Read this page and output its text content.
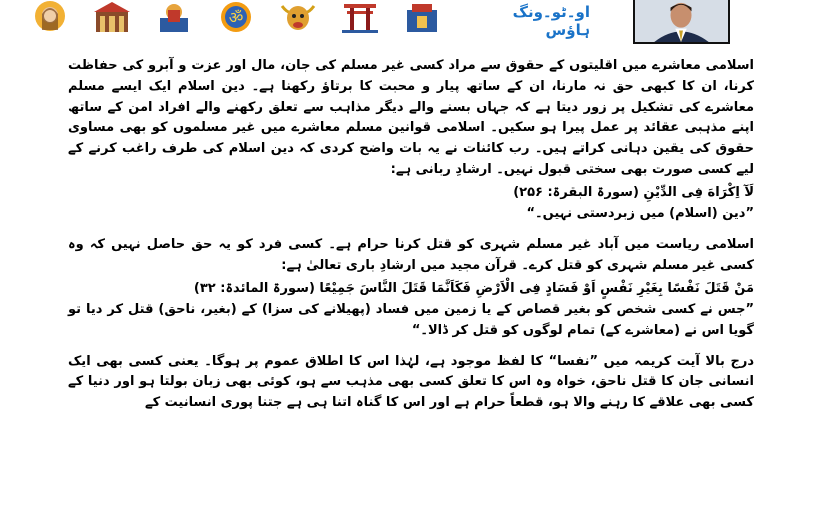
ॐ	او۔ٹو۔ونگ ہاؤس

اسلامی معاشرے میں اقلیتوں کے حقوق سے مراد کسی غیر مسلم کی جان، مال اور عزت و آبرو کی حفاظت کرنا، ان کا کبھی حق نہ مارنا، ان کے ساتھ پیار و محبت کا برتاؤ رکھنا ہے۔ دین اسلام ایک ایسے مسلم معاشرے کی تشکیل پر زور دیتا ہے کہ جہاں بسنے والے دیگر مذاہب سے تعلق رکھنے والے افراد امن کے ساتھ اپنے مذہبی عقائد پر عمل پیرا ہو سکیں۔ اسلامی قوانین مسلم معاشرے میں غیر مسلموں کو بھی مساوی حقوق کی یقین دہانی کراتے ہیں۔ رب کائنات نے یہ بات واضح کردی کہ دین اسلام کی طرف راغب کرنے کے لیے کسی صورت بھی سختی قبول نہیں۔ ارشادِ ربانی ہے:

لَآ اِكْرَاهَ فِى الدِّيْنِ (سورۃ البقرۃ: ۲۵۶)

”دین (اسلام) میں زبردستی نہیں۔“

اسلامی ریاست میں آباد غیر مسلم شہری کو قتل کرنا حرام ہے۔ کسی فرد کو یہ حق حاصل نہیں کہ وہ کسی غیر مسلم شہری کو قتل کرے۔ قرآن مجید میں ارشادِ باری تعالیٰ ہے:

مَنْ قَتَلَ نَفْسًا بِغَيْرِ نَفْسٍ اَوْ فَسَادٍ فِى الْاَرْضِ فَكَاَنَّمَا قَتَلَ النَّاسَ جَمِيْعًا (سورۃ المائدۃ: ۳۲)

”جس نے کسی شخص کو بغیر قصاص کے یا زمین میں فساد (پھیلانے کی سزا) کے (بغیر، ناحق) قتل کر دیا تو گویا اس نے (معاشرے کے) تمام لوگوں کو قتل کر ڈالا۔“

درج بالا آیت کریمہ میں ”نفسا“ کا لفظ موجود ہے، لہٰذا اس کا اطلاق عموم پر ہوگا۔ یعنی کسی بھی ایک انسانی جان کا قتل ناحق، خواہ وہ اس کا تعلق کسی بھی مذہب سے ہو، کوئی بھی زبان بولتا ہو اور دنیا کے کسی بھی علاقے کا رہنے والا ہو، قطعاً حرام ہے اور اس کا گناہ اتنا ہی ہے جتنا پوری انسانیت کے
